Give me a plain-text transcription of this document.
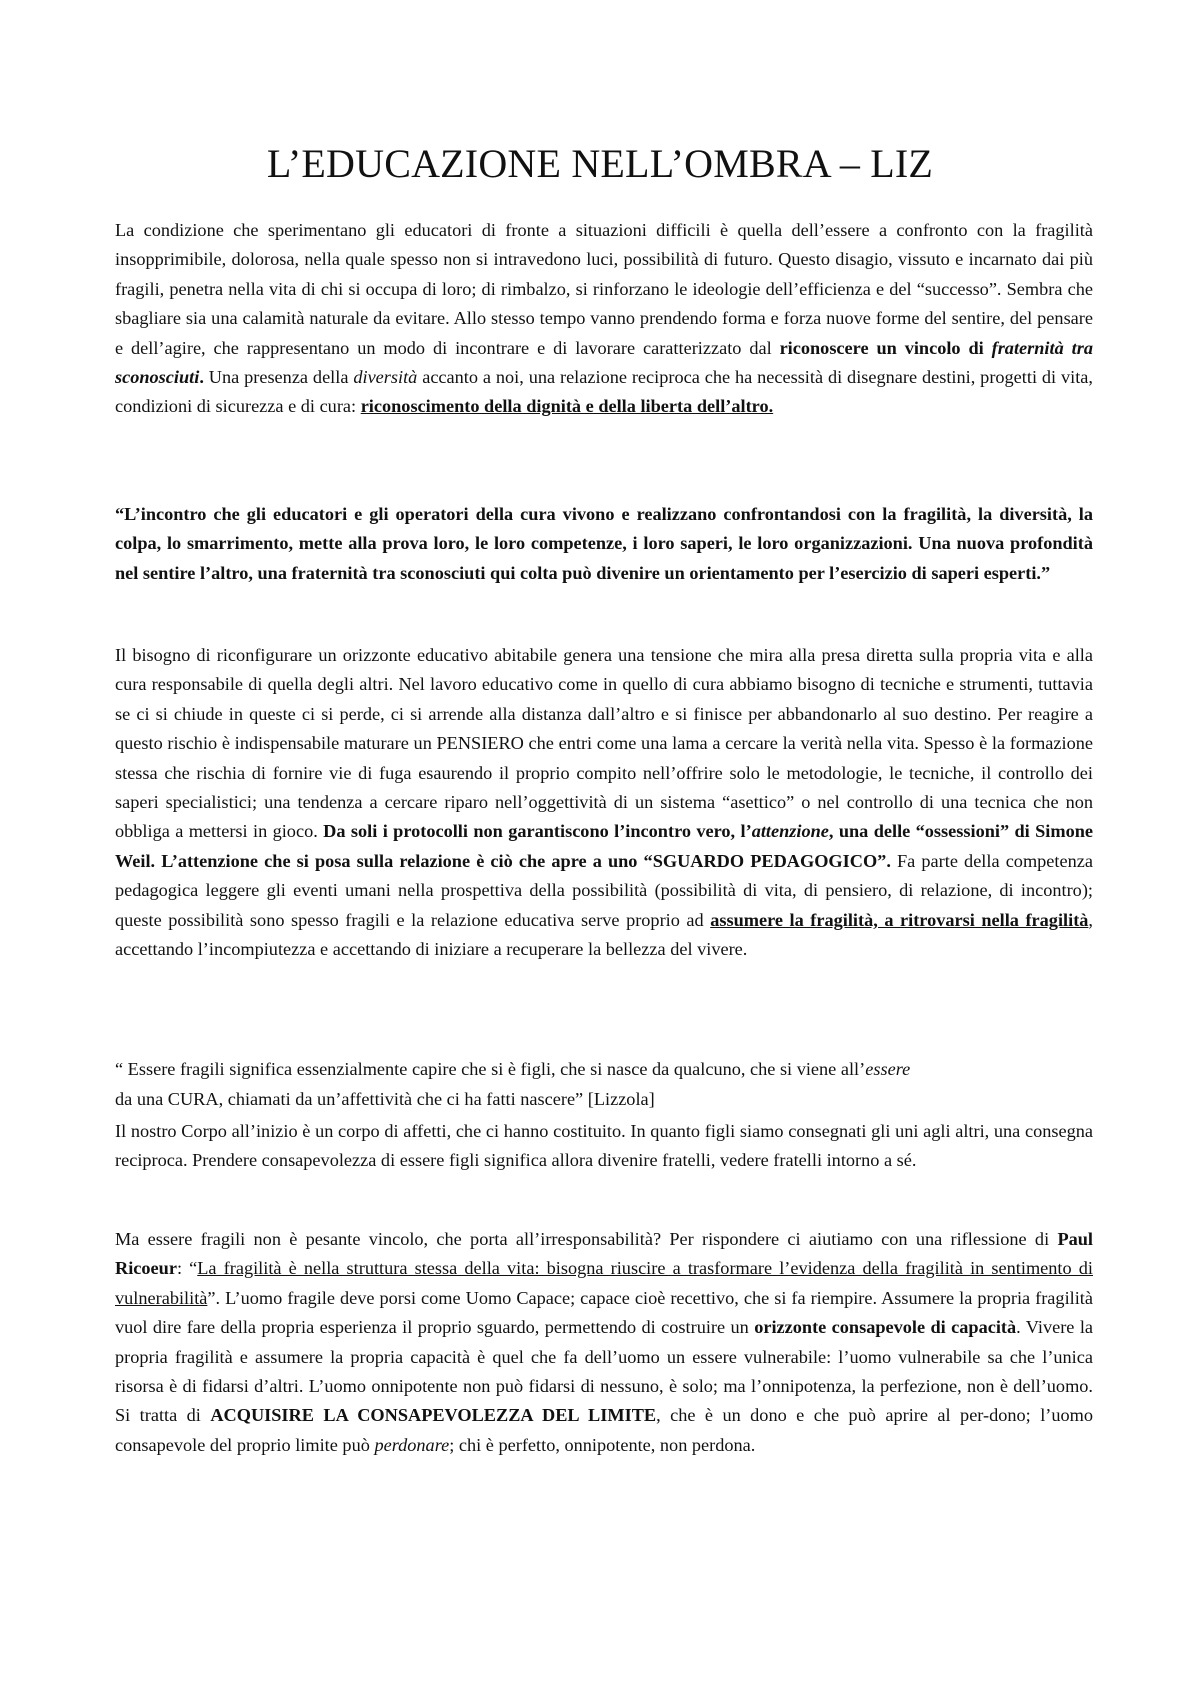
L’EDUCAZIONE NELL’OMBRA – LIZ

La condizione che sperimentano gli educatori di fronte a situazioni difficili è quella dell’essere a confronto con la fragilità insopprimibile, dolorosa, nella quale spesso non si intravedono luci, possibilità di futuro. Questo disagio, vissuto e incarnato dai più fragili, penetra nella vita di chi si occupa di loro; di rimbalzo, si rinforzano le ideologie dell’efficienza e del “successo”. Sembra che sbagliare sia una calamità naturale da evitare. Allo stesso tempo vanno prendendo forma e forza nuove forme del sentire, del pensare e dell’agire, che rappresentano un modo di incontrare e di lavorare caratterizzato dal riconoscere un vincolo di fraternità tra sconosciuti. Una presenza della diversità accanto a noi, una relazione reciproca che ha necessità di disegnare destini, progetti di vita, condizioni di sicurezza e di cura: riconoscimento della dignità e della liberta dell’altro.

“L’incontro che gli educatori e gli operatori della cura vivono e realizzano confrontandosi con la fragilità, la diversità, la colpa, lo smarrimento, mette alla prova loro, le loro competenze, i loro saperi, le loro organizzazioni. Una nuova profondità nel sentire l’altro, una fraternità tra sconosciuti qui colta può divenire un orientamento per l’esercizio di saperi esperti.”

Il bisogno di riconfigurare un orizzonte educativo abitabile genera una tensione che mira alla presa diretta sulla propria vita e alla cura responsabile di quella degli altri. Nel lavoro educativo come in quello di cura abbiamo bisogno di tecniche e strumenti, tuttavia se ci si chiude in queste ci si perde, ci si arrende alla distanza dall’altro e si finisce per abbandonarlo al suo destino. Per reagire a questo rischio è indispensabile maturare un PENSIERO che entri come una lama a cercare la verità nella vita. Spesso è la formazione stessa che rischia di fornire vie di fuga esaurendo il proprio compito nell’offrire solo le metodologie, le tecniche, il controllo dei saperi specialistici; una tendenza a cercare riparo nell’oggettività di un sistema “asettico” o nel controllo di una tecnica che non obbliga a mettersi in gioco. Da soli i protocolli non garantiscono l’incontro vero, l’attenzione, una delle “ossessioni” di Simone Weil. L’attenzione che si posa sulla relazione è ciò che apre a uno “SGUARDO PEDAGOGICO”. Fa parte della competenza pedagogica leggere gli eventi umani nella prospettiva della possibilità (possibilità di vita, di pensiero, di relazione, di incontro); queste possibilità sono spesso fragili e la relazione educativa serve proprio ad assumere la fragilità, a ritrovarsi nella fragilità, accettando l’incompiutezza e accettando di iniziare a recuperare la bellezza del vivere.

“ Essere fragili significa essenzialmente capire che si è figli, che si nasce da qualcuno, che si viene all’essere

da una CURA, chiamati da un’affettività che ci ha fatti nascere” [Lizzola]

Il nostro Corpo all’inizio è un corpo di affetti, che ci hanno costituito. In quanto figli siamo consegnati gli uni agli altri, una consegna reciproca. Prendere consapevolezza di essere figli significa allora divenire fratelli, vedere fratelli intorno a sé.

Ma essere fragili non è pesante vincolo, che porta all’irresponsabilità? Per rispondere ci aiutiamo con una riflessione di Paul Ricoeur: “La fragilità è nella struttura stessa della vita: bisogna riuscire a trasformare l’evidenza della fragilità in sentimento di vulnerabilità”. L’uomo fragile deve porsi come Uomo Capace; capace cioè recettivo, che si fa riempire. Assumere la propria fragilità vuol dire fare della propria esperienza il proprio sguardo, permettendo di costruire un orizzonte consapevole di capacità. Vivere la propria fragilità e assumere la propria capacità è quel che fa dell’uomo un essere vulnerabile: l’uomo vulnerabile sa che l’unica risorsa è di fidarsi d’altri. L’uomo onnipotente non può fidarsi di nessuno, è solo; ma l’onnipotenza, la perfezione, non è dell’uomo. Si tratta di ACQUISIRE LA CONSAPEVOLEZZA DEL LIMITE, che è un dono e che può aprire al per-dono; l’uomo consapevole del proprio limite può perdonare; chi è perfetto, onnipotente, non perdona.
